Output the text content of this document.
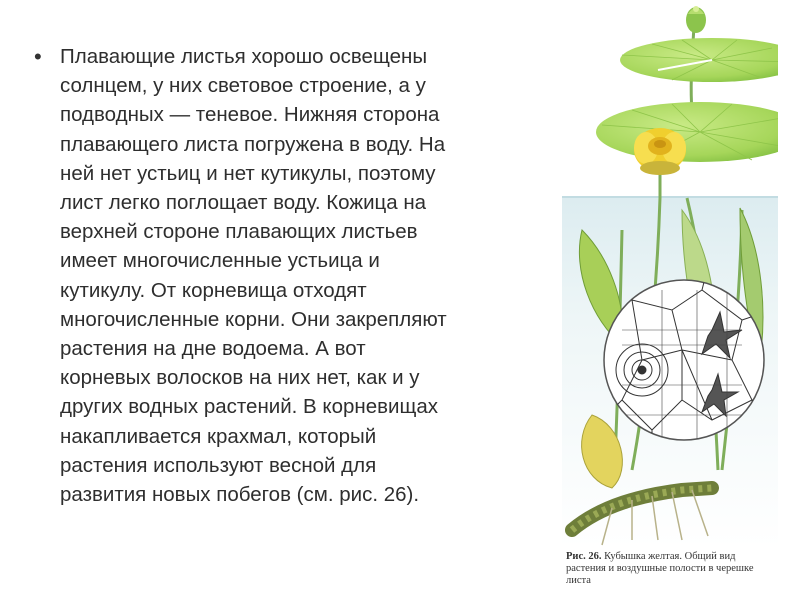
• Плавающие листья хорошо освещены
солнцем, у них световое строение, а у
подводных — теневое. Нижняя сторона
плавающего листа погружена в воду. На
ней нет устьиц и нет кутикулы, поэтому
лист легко поглощает воду. Кожица на
верхней стороне плавающих листьев
имеет многочисленные устьица и
кутикулу. От корневища отходят
многочисленные корни. Они закрепляют
растения на дне водоема. А вот
корневых волосков на них нет, как и у
других водных растений. В корневищах
накапливается крахмал, который
растения используют весной для
развития новых побегов (см. рис. 26).
Рис. 26. Кубышка желтая. Общий вид
растения и воздушные полости в черешке
листа
